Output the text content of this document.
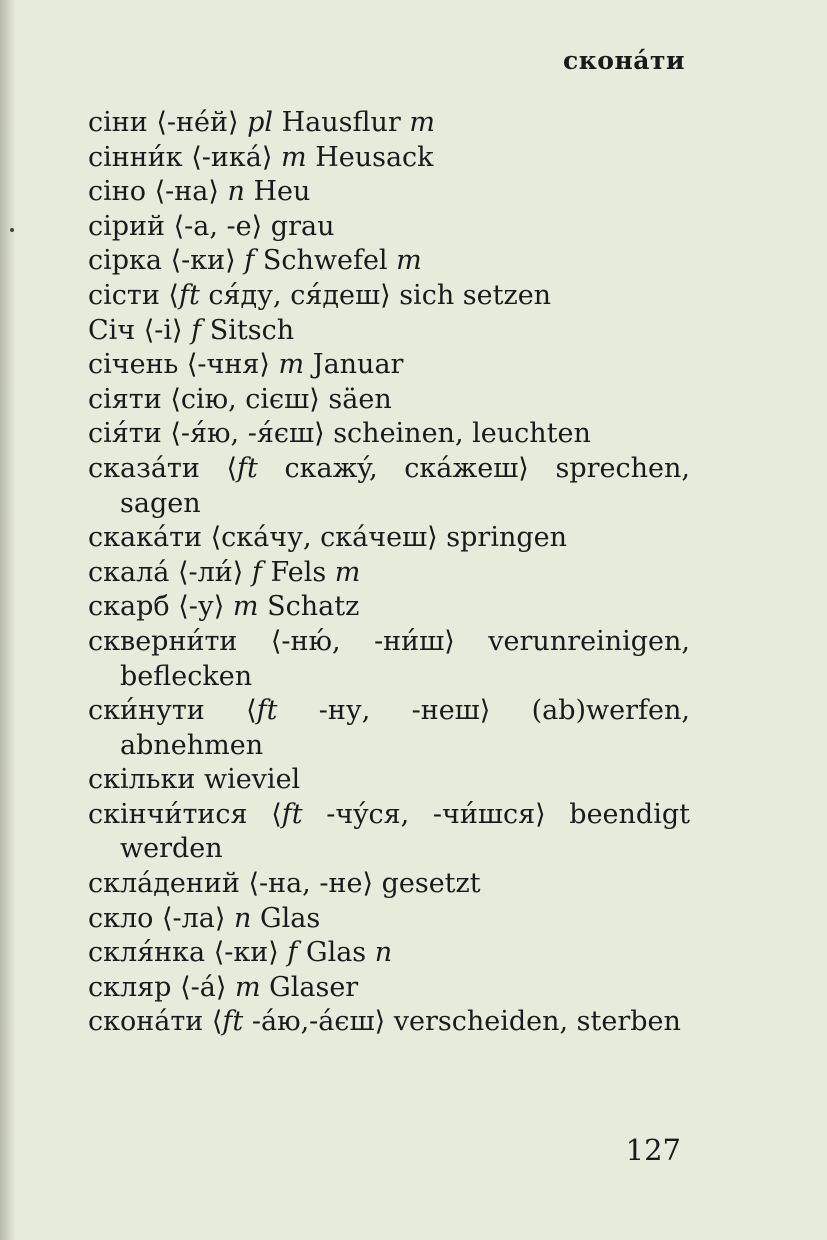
сконáти
сіни ⟨-нéй⟩ pl Hausflur m
сінни́к ⟨-икá⟩ m Heusack
сіно ⟨-на⟩ n Heu
сірий ⟨-а, -е⟩ grau
сірка ⟨-ки⟩ f Schwefel m
сісти ⟨ft ся́ду, ся́деш⟩ sich setzen
Січ ⟨-і⟩ f Sitsch
січень ⟨-чня⟩ m Januar
сіяти ⟨сію, сієш⟩ säen
сія́ти ⟨-я́ю, -я́єш⟩ scheinen, leuchten
сказáти ⟨ft скажý, скáжеш⟩ sprechen, sagen
скакáти ⟨скáчу, скáчеш⟩ springen
скалá ⟨-ли́⟩ f Fels m
скарб ⟨-у⟩ m Schatz
скверни́ти ⟨-ню́, -ни́ш⟩ verunreinigen, beflecken
ски́нути ⟨ft -ну, -неш⟩ (ab)werfen, abnehmen
скільки wieviel
скінчи́тися ⟨ft -чýся, -чи́шся⟩ beendigt werden
склáдений ⟨-на, -не⟩ gesetzt
скло ⟨-ла⟩ n Glas
скля́нка ⟨-ки⟩ f Glas n
скляр ⟨-á⟩ m Glaser
сконáти ⟨ft -áю,-áєш⟩ verscheiden, sterben
127
